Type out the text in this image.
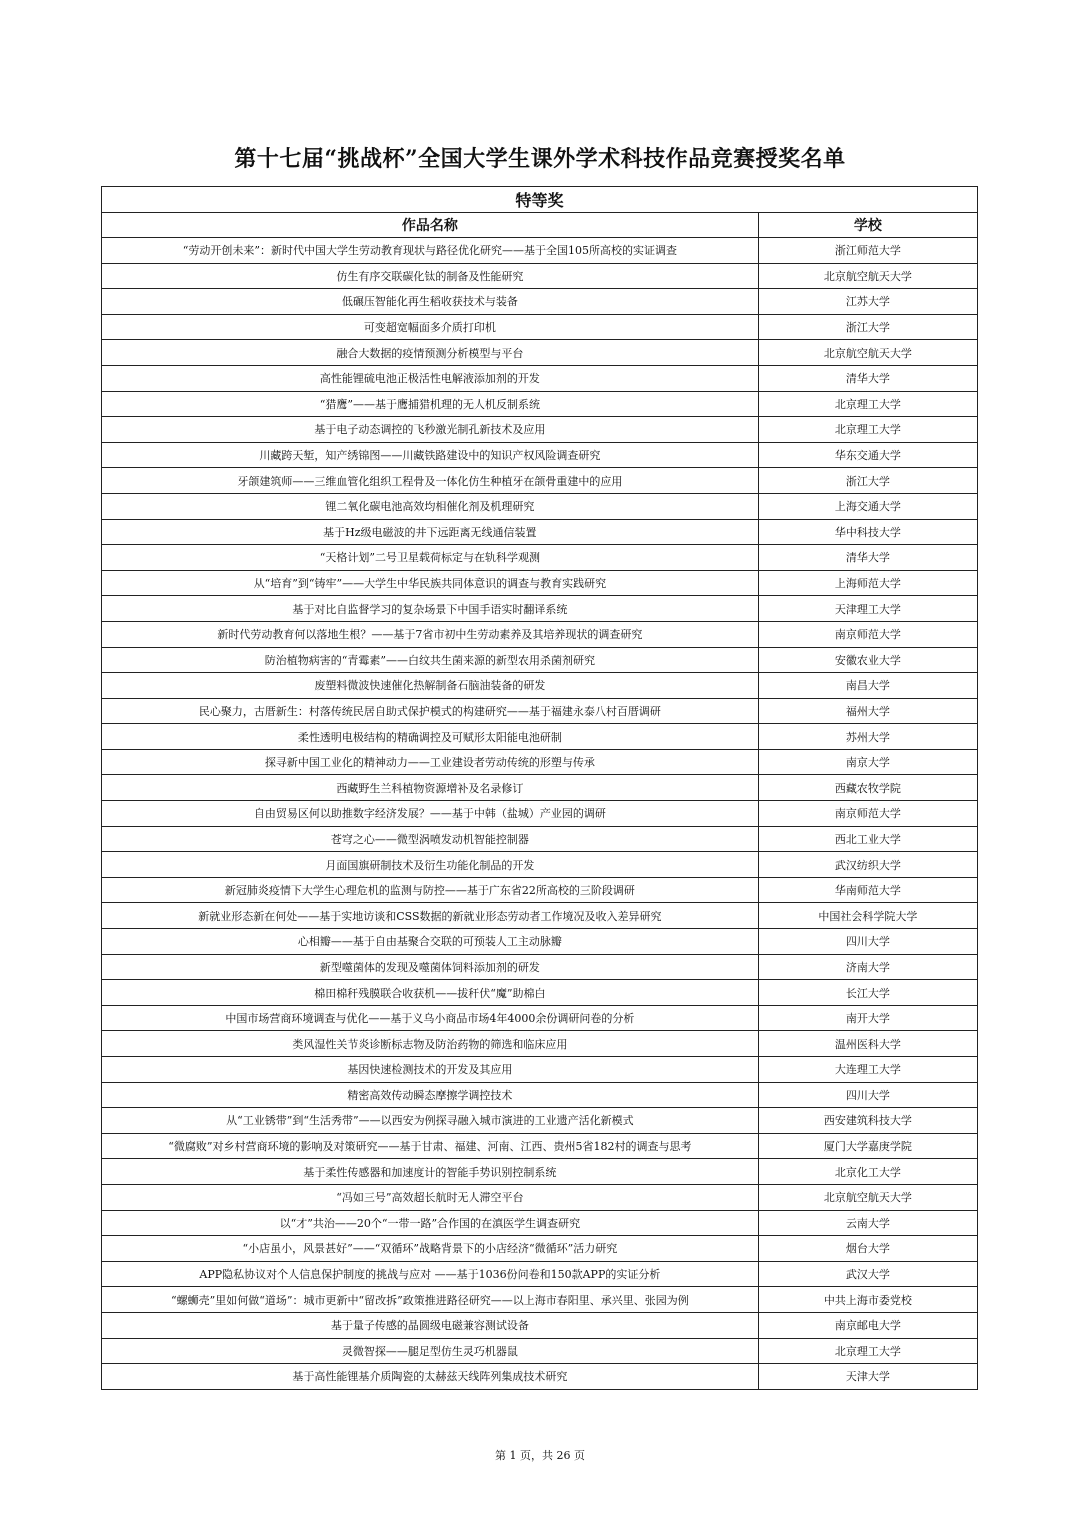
第十七届“挑战杯”全国大学生课外学术科技作品竞赛授奖名单
特等奖	
作品名称	学校
“劳动开创未来”：新时代中国大学生劳动教育现状与路径优化研究——基于全国105所高校的实证调查	浙江师范大学
仿生有序交联碳化钛的制备及性能研究	北京航空航天大学
低碾压智能化再生稻收获技术与装备	江苏大学
可变超宽幅面多介质打印机	浙江大学
融合大数据的疫情预测分析模型与平台	北京航空航天大学
高性能锂硫电池正极活性电解液添加剂的开发	清华大学
“猎鹰”——基于鹰捕猎机理的无人机反制系统	北京理工大学
基于电子动态调控的飞秒激光制孔新技术及应用	北京理工大学
川藏跨天堑，知产绣锦图——川藏铁路建设中的知识产权风险调查研究	华东交通大学
牙颌建筑师——三维血管化组织工程骨及一体化仿生种植牙在颌骨重建中的应用	浙江大学
锂二氧化碳电池高效均相催化剂及机理研究	上海交通大学
基于Hz级电磁波的井下远距离无线通信装置	华中科技大学
“天格计划”二号卫星载荷标定与在轨科学观测	清华大学
从“培育”到“铸牢”——大学生中华民族共同体意识的调查与教育实践研究	上海师范大学
基于对比自监督学习的复杂场景下中国手语实时翻译系统	天津理工大学
新时代劳动教育何以落地生根？——基于7省市初中生劳动素养及其培养现状的调查研究	南京师范大学
防治植物病害的“青霉素”——白纹共生菌来源的新型农用杀菌剂研究	安徽农业大学
废塑料微波快速催化热解制备石脑油装备的研发	南昌大学
民心聚力，古厝新生：村落传统民居自助式保护模式的构建研究——基于福建永泰八村百厝调研	福州大学
柔性透明电极结构的精确调控及可赋形太阳能电池研制	苏州大学
探寻新中国工业化的精神动力——工业建设者劳动传统的形塑与传承	南京大学
西藏野生兰科植物资源增补及名录修订	西藏农牧学院
自由贸易区何以助推数字经济发展？——基于中韩（盐城）产业园的调研	南京师范大学
苍穹之心——微型涡喷发动机智能控制器	西北工业大学
月面国旗研制技术及衍生功能化制品的开发	武汉纺织大学
新冠肺炎疫情下大学生心理危机的监测与防控——基于广东省22所高校的三阶段调研	华南师范大学
新就业形态新在何处——基于实地访谈和CSS数据的新就业形态劳动者工作境况及收入差异研究	中国社会科学院大学
心相瓣——基于自由基聚合交联的可预装人工主动脉瓣	四川大学
新型噬菌体的发现及噬菌体饲料添加剂的研发	济南大学
棉田棉秆残膜联合收获机——拔秆伏“魔”助棉白	长江大学
中国市场营商环境调查与优化——基于义乌小商品市场4年4000余份调研问卷的分析	南开大学
类风湿性关节炎诊断标志物及防治药物的筛选和临床应用	温州医科大学
基因快速检测技术的开发及其应用	大连理工大学
精密高效传动瞬态摩擦学调控技术	四川大学
从“工业锈带”到“生活秀带”——以西安为例探寻融入城市演进的工业遗产活化新模式	西安建筑科技大学
“微腐败”对乡村营商环境的影响及对策研究——基于甘肃、福建、河南、江西、贵州5省182村的调查与思考	厦门大学嘉庚学院
基于柔性传感器和加速度计的智能手势识别控制系统	北京化工大学
“冯如三号”高效超长航时无人滞空平台	北京航空航天大学
以“才”共治——20个“一带一路”合作国的在滇医学生调查研究	云南大学
“小店虽小，风景甚好”——“双循环”战略背景下的小店经济“微循环”活力研究	烟台大学
APP隐私协议对个人信息保护制度的挑战与应对 ——基于1036份问卷和150款APP的实证分析	武汉大学
“螺蛳壳”里如何做“道场”：城市更新中“留改拆”政策推进路径研究——以上海市春阳里、承兴里、张园为例	中共上海市委党校
基于量子传感的晶圆级电磁兼容测试设备	南京邮电大学
灵微智探——腿足型仿生灵巧机器鼠	北京理工大学
基于高性能锂基介质陶瓷的太赫兹天线阵列集成技术研究	天津大学
第 1 页，共 26 页
